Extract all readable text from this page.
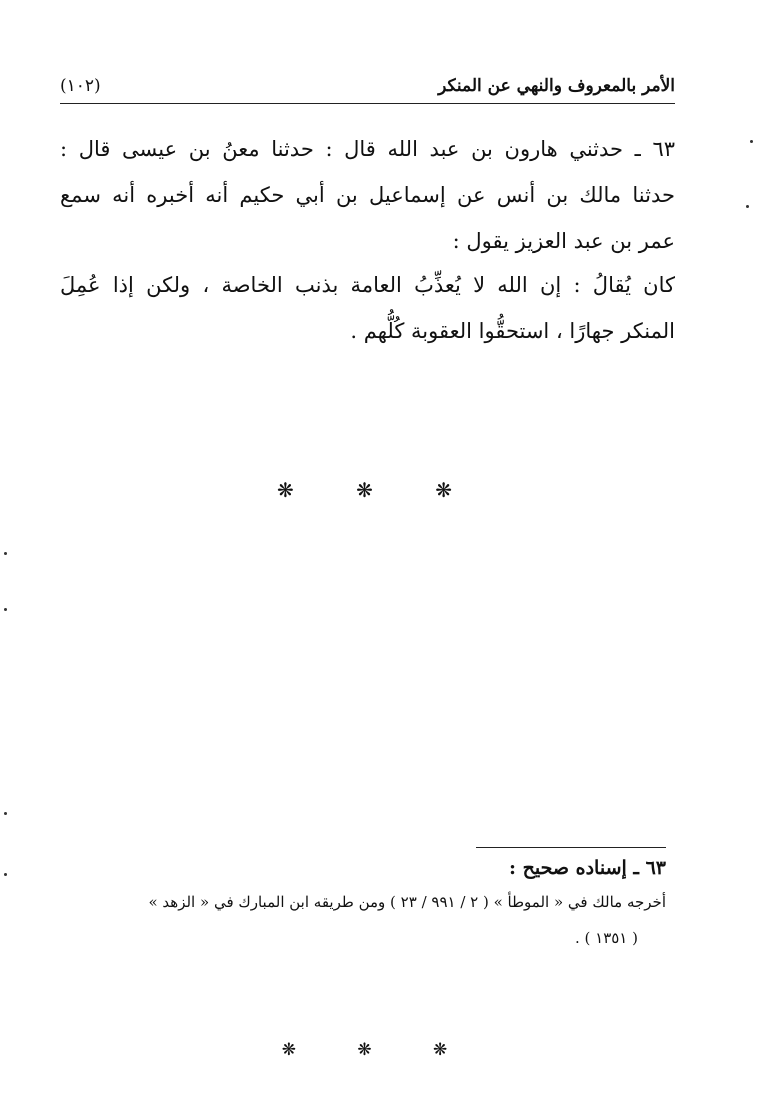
الأمر بالمعروف والنهي عن المنكر
(١٠٢)
٦٣ ـ حدثني هارون بن عبد الله قال : حدثنا معنُ بن عيسى قال :
حدثنا مالك بن أنس عن إسماعيل بن أبي حكيم أنه أخبره أنه سمع
عمر بن عبد العزيز يقول :
كان يُقالُ : إن الله لا يُعذِّبُ العامة بذنب الخاصة ، ولكن إذا عُمِلَ
المنكر جهارًا ، استحقُّوا العقوبة كُلُّهم .
❋ ❋ ❋
٦٣ ـ إسناده صحيح :
أخرجه مالك في « الموطأ » ( ٢ / ٩٩١ / ٢٣ ) ومن طريقه ابن المبارك في « الزهد »
( ١٣٥١ ) .
❋ ❋ ❋
